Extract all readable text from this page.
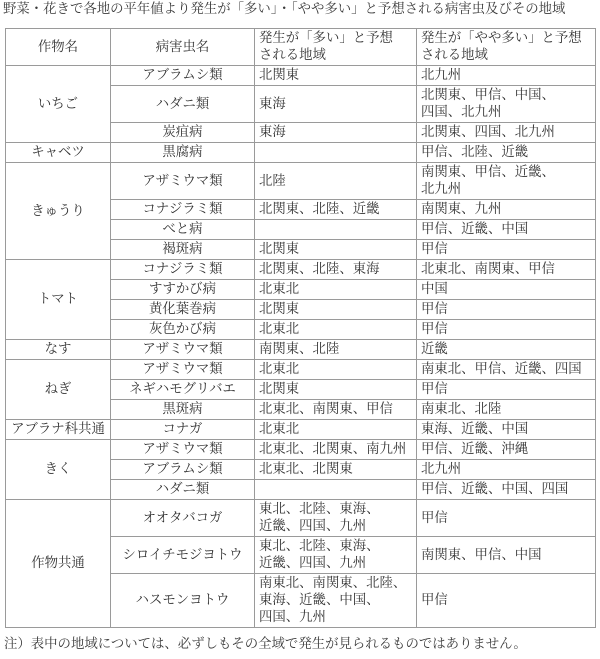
野菜・花きで各地の平年値より発生が「多い」・「やや多い」と予想される病害虫及びその地域
作物名	病害虫名	発生が「多い」と予想
される地域	発生が「やや多い」と予想
される地域

いちご	アブラムシ類	北関東	北九州

	ハダニ類	東海	北関東、甲信、中国、
四国、北九州

	炭疽病	東海	北関東、四国、北九州

キャベツ	黒腐病		甲信、北陸、近畿

きゅうり	アザミウマ類	北陸	南関東、甲信、近畿、
北九州

	コナジラミ類	北関東、北陸、近畿	南関東、九州

	べと病		甲信、近畿、中国

	褐斑病	北関東	甲信

トマト	コナジラミ類	北関東、北陸、東海	北東北、南関東、甲信

	すすかび病	北東北	中国

	黄化葉巻病	北関東	甲信

	灰色かび病	北東北	甲信

なす	アザミウマ類	南関東、北陸	近畿

ねぎ	アザミウマ類	北東北	南東北、甲信、近畿、四国

	ネギハモグリバエ	北関東	甲信

	黒斑病	北東北、南関東、甲信	南東北、北陸

アブラナ科共通	コナガ	北東北	東海、近畿、中国

きく	アザミウマ類	北東北、北関東、南九州	甲信、近畿、沖縄

	アブラムシ類	北東北、北関東	北九州

	ハダニ類		甲信、近畿、中国、四国

作物共通	オオタバコガ	東北、北陸、東海、
近畿、四国、九州	甲信

	シロイチモジヨトウ	東北、北陸、東海、
近畿、四国、九州	南関東、甲信、中国

	ハスモンヨトウ	南東北、南関東、北陸、
東海、近畿、中国、
四国、九州	甲信
注）表中の地域については、必ずしもその全域で発生が見られるものではありません。
